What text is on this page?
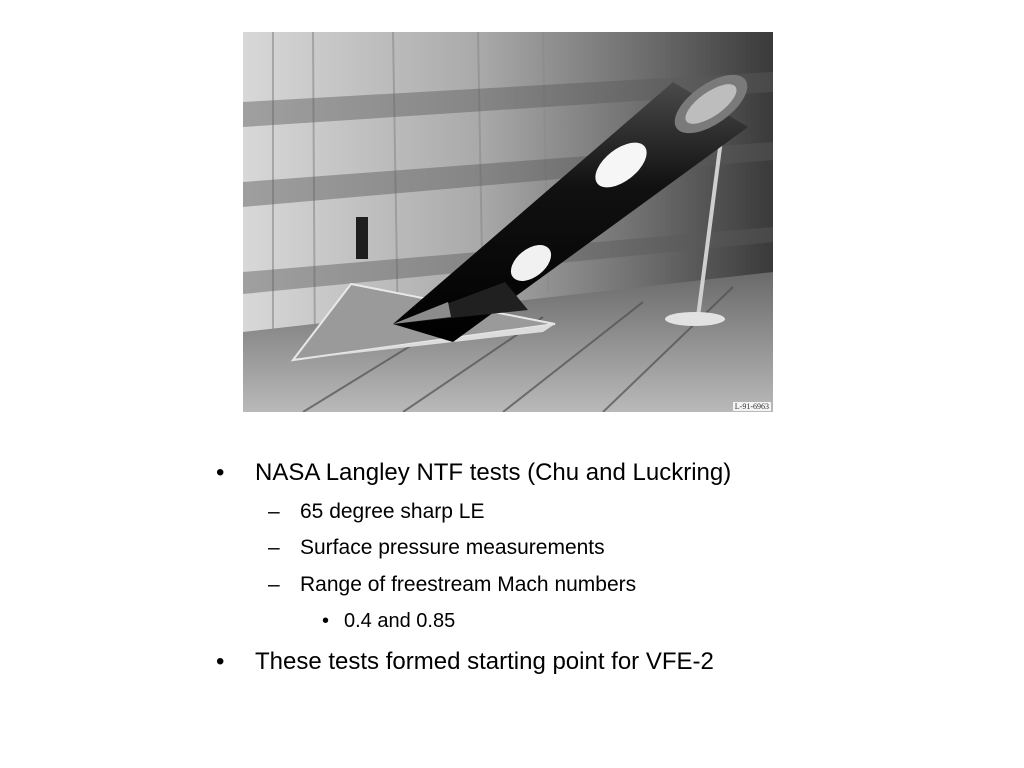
L-91-6963
• NASA Langley NTF tests (Chu and Luckring)
– 65 degree sharp LE
– Surface pressure measurements
– Range of freestream Mach numbers
• 0.4 and 0.85
• These tests formed starting point for VFE-2
